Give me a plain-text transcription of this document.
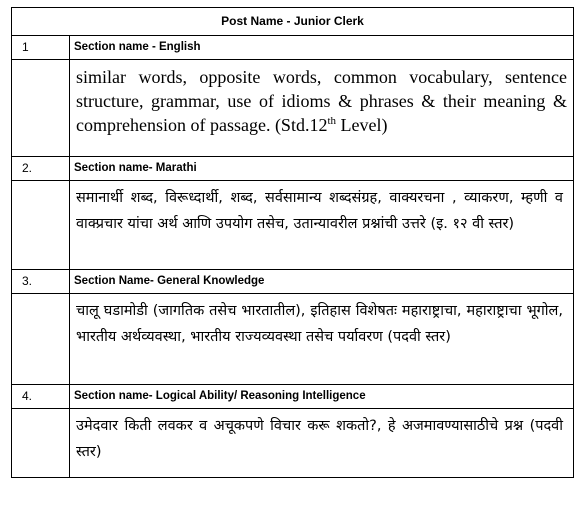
Post Name - Junior Clerk	
1	Section name - English

	similar words, opposite words, common vocabulary, sentence structure, grammar, use of idioms & phrases & their meaning & comprehension of passage. (Std.12th Level)

2.	Section name- Marathi

	समानार्थी शब्द, विरूध्दार्थी, शब्द, सर्वसामान्य शब्दसंग्रह, वाक्यरचना , व्याकरण, म्हणी व वाक्प्रचार यांचा अर्थ आणि उपयोग तसेच, उतान्यावरील प्रश्नांची उत्तरे (इ. १२ वी स्तर)

3.	Section Name- General Knowledge

	चालू घडामोडी (जागतिक तसेच भारतातील), इतिहास विशेषतः महाराष्ट्राचा, महाराष्ट्राचा भूगोल, भारतीय अर्थव्यवस्था, भारतीय राज्यव्यवस्था तसेच पर्यावरण (पदवी स्तर)

4.	Section name- Logical Ability/ Reasoning Intelligence

	उमेदवार किती लवकर व अचूकपणे विचार करू शकतो?, हे अजमावण्यासाठीचे प्रश्न (पदवी स्तर)
